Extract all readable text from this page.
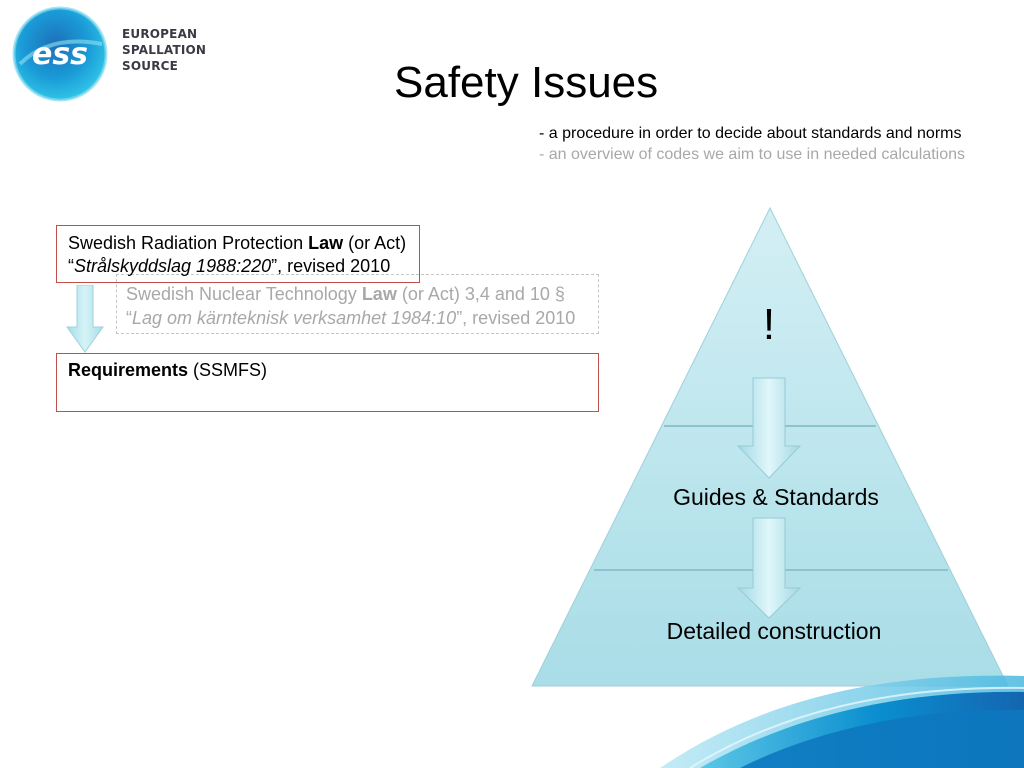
ess
EUROPEAN
SPALLATION
SOURCE	Safety Issues
- a procedure in order to decide about standards and norms
- an overview of codes we aim to use in needed calculations
Swedish Nuclear Technology Law (or Act) 3,4 and 10 §
“Lag om kärnteknisk verksamhet 1984:10”, revised 2010
Swedish Radiation Protection Law (or Act)
“Strålskyddslag 1988:220”, revised 2010
Requirements (SSMFS)
!
Guides & Standards
Detailed construction
